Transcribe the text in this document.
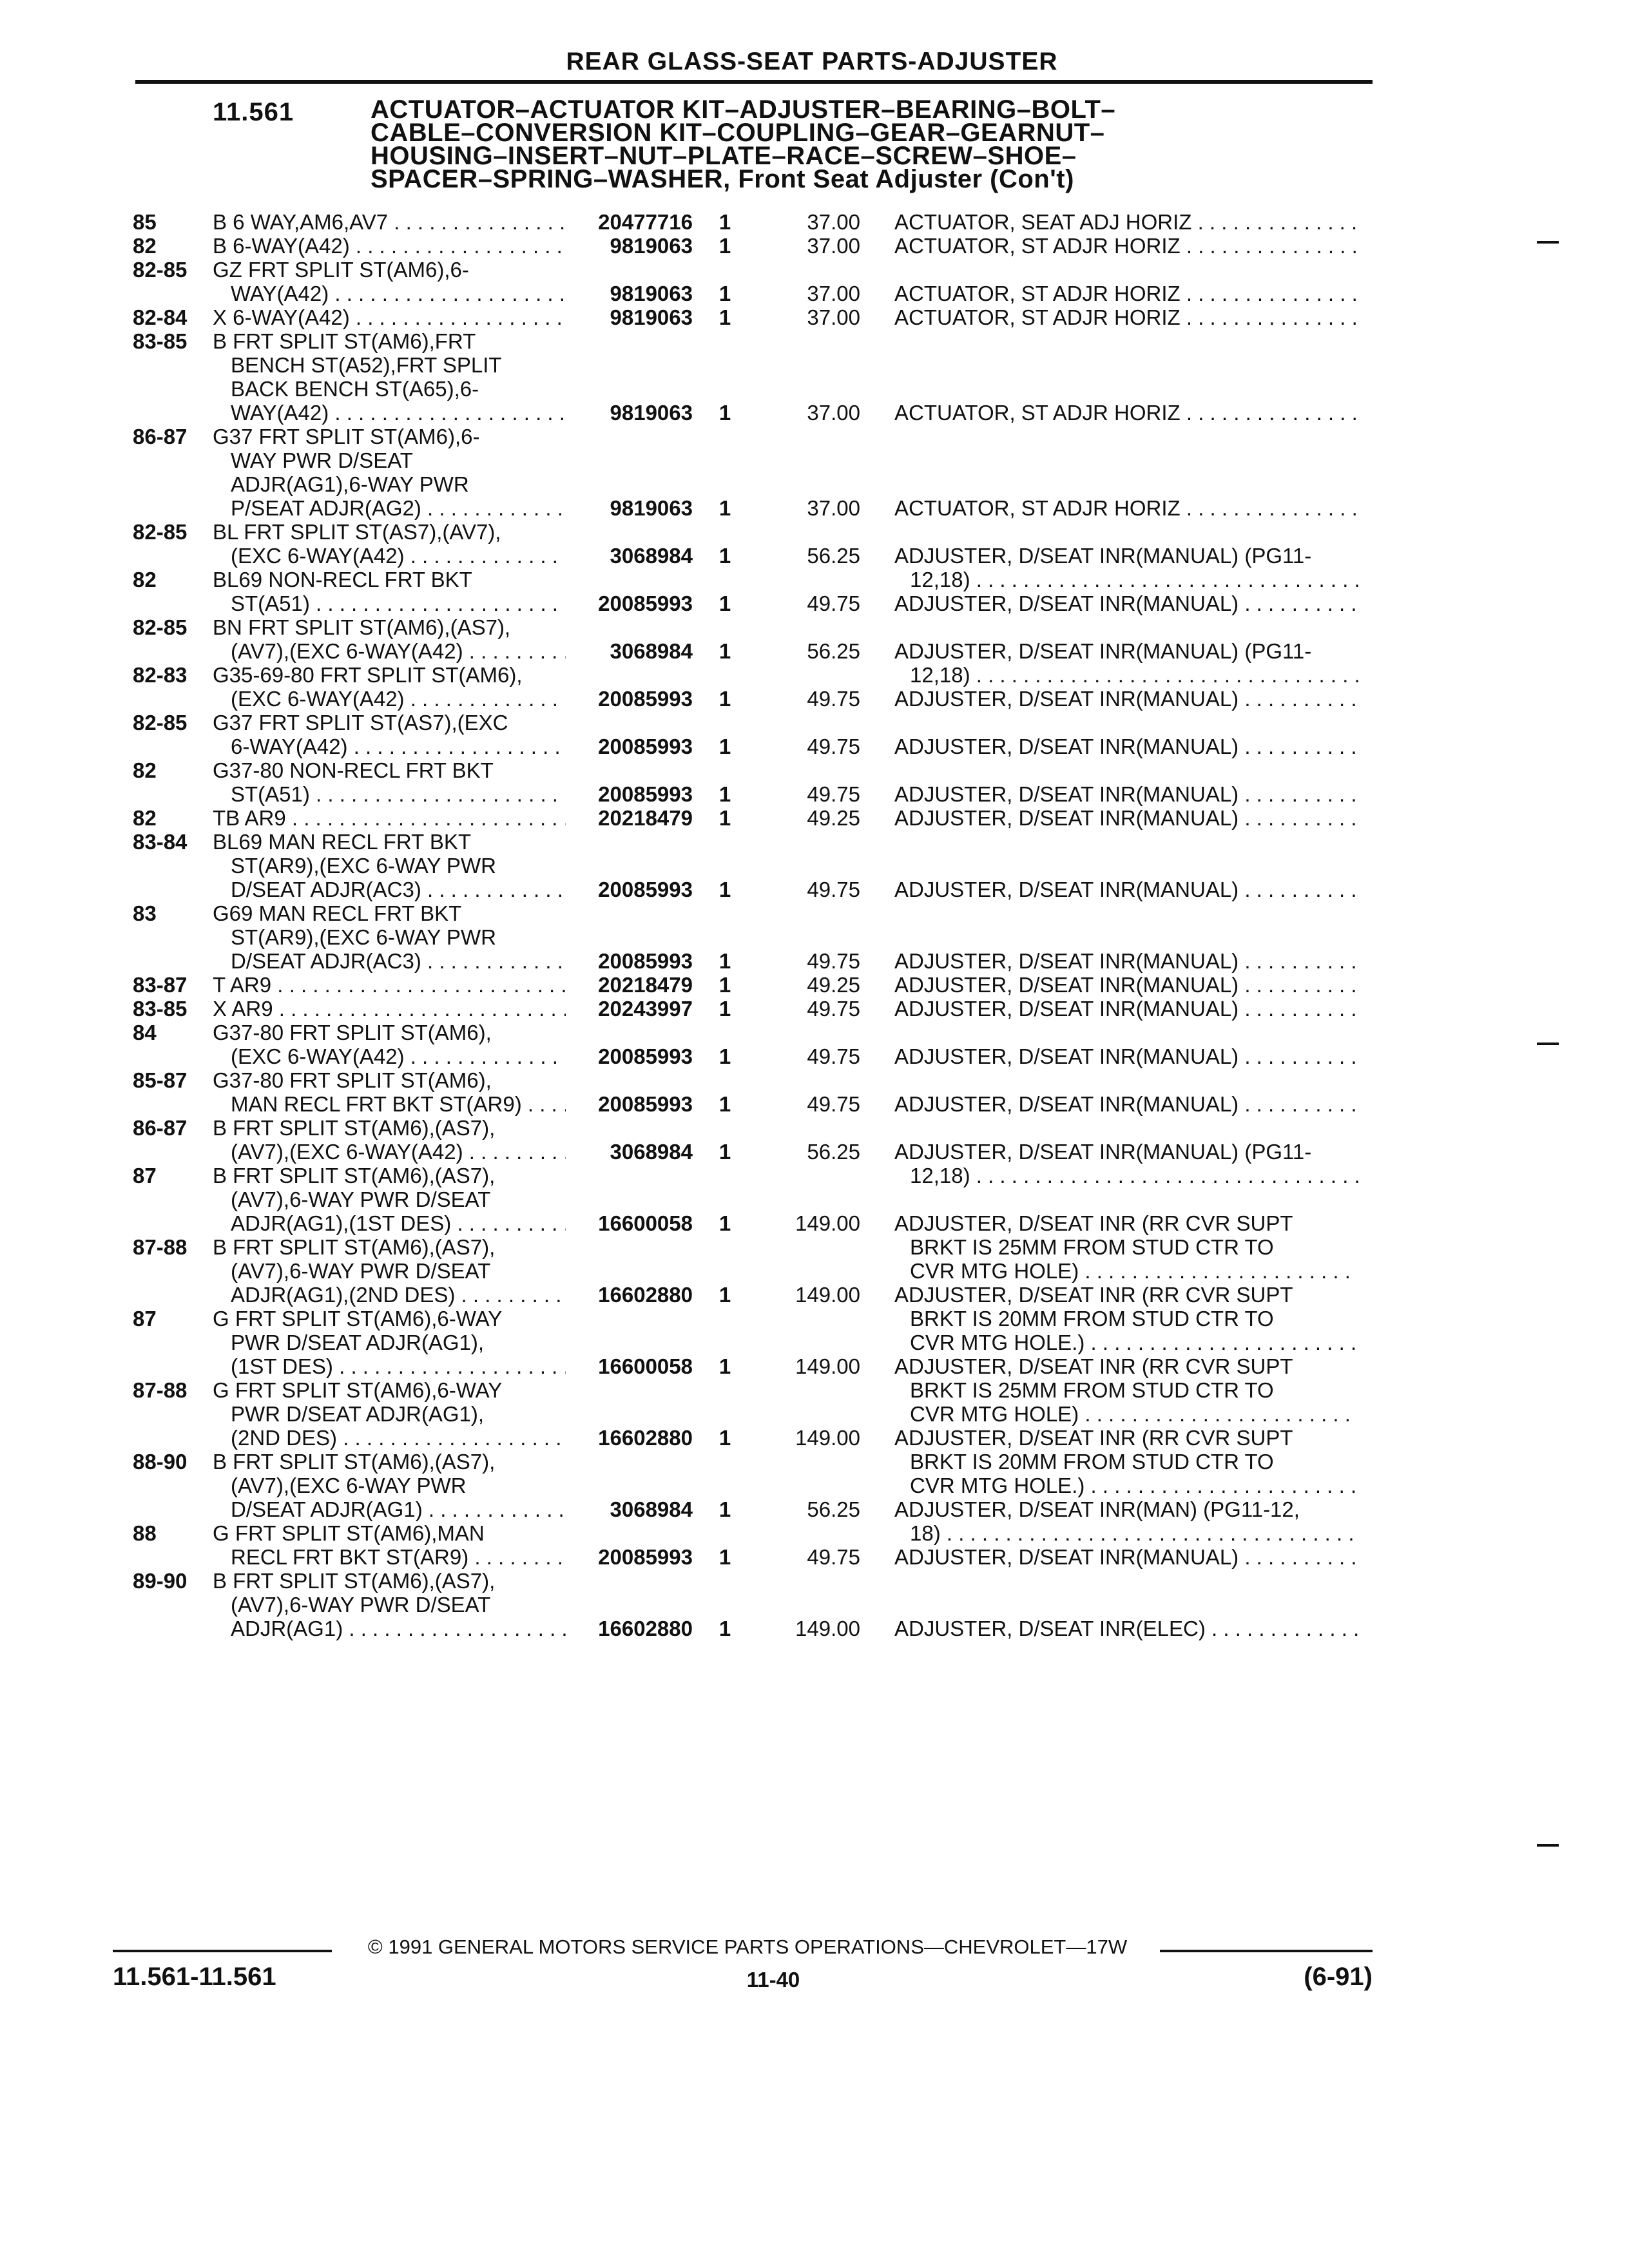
REAR GLASS-SEAT PARTS-ADJUSTER
11.561	ACTUATOR–ACTUATOR KIT–ADJUSTER–BEARING–BOLT–
CABLE–CONVERSION KIT–COUPLING–GEAR–GEARNUT–
HOUSING–INSERT–NUT–PLATE–RACE–SCREW–SHOE–
SPACER–SPRING–WASHER, Front Seat Adjuster (Con't)
85	B 6 WAY,AM6,AV7 . . .	20477716	1	37.00 ACTUATOR, SEAT ADJ HORIZ . . .
82	B 6-WAY(A42) . . .	9819063	1	37.00 ACTUATOR, ST ADJR HORIZ . . .
82-85 GZ FRT SPLIT ST(AM6),6-
WAY(A42) . . .	9819063	1	37.00 ACTUATOR, ST ADJR HORIZ . . .
82-84 X 6-WAY(A42) . . .	9819063	1	37.00 ACTUATOR, ST ADJR HORIZ . . .
83-85 B FRT SPLIT ST(AM6),FRT
BENCH ST(A52),FRT SPLIT
BACK BENCH ST(A65),6-
WAY(A42) . . .	9819063	1	37.00 ACTUATOR, ST ADJR HORIZ . . .
86-87 G37 FRT SPLIT ST(AM6),6-
WAY PWR D/SEAT
ADJR(AG1),6-WAY PWR
P/SEAT ADJR(AG2) . . .	9819063	1	37.00 ACTUATOR, ST ADJR HORIZ . . .
82-85 BL FRT SPLIT ST(AS7),(AV7),
(EXC 6-WAY(A42) . . .	3068984	1	56.25 ADJUSTER, D/SEAT INR(MANUAL) (PG11-
12,18) . . .
82	BL69 NON-RECL FRT BKT
ST(A51) . . .	20085993	1	49.75 ADJUSTER, D/SEAT INR(MANUAL) . . .
82-85 BN FRT SPLIT ST(AM6),(AS7),
(AV7),(EXC 6-WAY(A42) . . .	3068984	1	56.25 ADJUSTER, D/SEAT INR(MANUAL) (PG11-
12,18) . . .
82-83 G35-69-80 FRT SPLIT ST(AM6),
(EXC 6-WAY(A42) . . .	20085993	1	49.75 ADJUSTER, D/SEAT INR(MANUAL) . . .
82-85 G37 FRT SPLIT ST(AS7),(EXC
6-WAY(A42) . . .	20085993	1	49.75 ADJUSTER, D/SEAT INR(MANUAL) . . .
82	G37-80 NON-RECL FRT BKT
ST(A51) . . .	20085993	1	49.75 ADJUSTER, D/SEAT INR(MANUAL) . . .
82	TB AR9 . . .	20218479	1	49.25 ADJUSTER, D/SEAT INR(MANUAL) . . .
83-84 BL69 MAN RECL FRT BKT
ST(AR9),(EXC 6-WAY PWR
D/SEAT ADJR(AC3) . . .	20085993	1	49.75 ADJUSTER, D/SEAT INR(MANUAL) . . .
83	G69 MAN RECL FRT BKT
ST(AR9),(EXC 6-WAY PWR
D/SEAT ADJR(AC3) . . .	20085993	1	49.75 ADJUSTER, D/SEAT INR(MANUAL) . . .
83-87 T AR9 . . .	20218479	1	49.25 ADJUSTER, D/SEAT INR(MANUAL) . . .
83-85 X AR9 . . .	20243997	1	49.75 ADJUSTER, D/SEAT INR(MANUAL) . . .
84	G37-80 FRT SPLIT ST(AM6),
(EXC 6-WAY(A42) . . .	20085993	1	49.75 ADJUSTER, D/SEAT INR(MANUAL) . . .
85-87 G37-80 FRT SPLIT ST(AM6),
MAN RECL FRT BKT ST(AR9) . . .	20085993	1	49.75 ADJUSTER, D/SEAT INR(MANUAL) . . .
86-87 B FRT SPLIT ST(AM6),(AS7),
(AV7),(EXC 6-WAY(A42) . . .	3068984	1	56.25 ADJUSTER, D/SEAT INR(MANUAL) (PG11-
12,18) . . .
87	B FRT SPLIT ST(AM6),(AS7),
(AV7),6-WAY PWR D/SEAT
ADJR(AG1),(1ST DES) . . .	16600058	1	149.00 ADJUSTER, D/SEAT INR (RR CVR SUPT
BRKT IS 25MM FROM STUD CTR TO
CVR MTG HOLE) . . .
87-88 B FRT SPLIT ST(AM6),(AS7),
(AV7),6-WAY PWR D/SEAT
ADJR(AG1),(2ND DES) . . .	16602880	1	149.00 ADJUSTER, D/SEAT INR (RR CVR SUPT
BRKT IS 20MM FROM STUD CTR TO
CVR MTG HOLE.) . . .
87	G FRT SPLIT ST(AM6),6-WAY
PWR D/SEAT ADJR(AG1),
(1ST DES) . . .	16600058	1	149.00 ADJUSTER, D/SEAT INR (RR CVR SUPT
BRKT IS 25MM FROM STUD CTR TO
CVR MTG HOLE) . . .
87-88 G FRT SPLIT ST(AM6),6-WAY
PWR D/SEAT ADJR(AG1),
(2ND DES) . . .	16602880	1	149.00 ADJUSTER, D/SEAT INR (RR CVR SUPT
BRKT IS 20MM FROM STUD CTR TO
CVR MTG HOLE.) . . .
88-90 B FRT SPLIT ST(AM6),(AS7),
(AV7),(EXC 6-WAY PWR
D/SEAT ADJR(AG1) . . .	3068984	1	56.25 ADJUSTER, D/SEAT INR(MAN) (PG11-12,
18) . . .
88	G FRT SPLIT ST(AM6),MAN
RECL FRT BKT ST(AR9) . . .	20085993	1	49.75 ADJUSTER, D/SEAT INR(MANUAL) . . .
89-90 B FRT SPLIT ST(AM6),(AS7),
(AV7),6-WAY PWR D/SEAT
ADJR(AG1) . . .	16602880	1	149.00 ADJUSTER, D/SEAT INR(ELEC) . . .
© 1991 GENERAL MOTORS SERVICE PARTS OPERATIONS—CHEVROLET—17W
11.561-11.561	11-40	(6-91)
